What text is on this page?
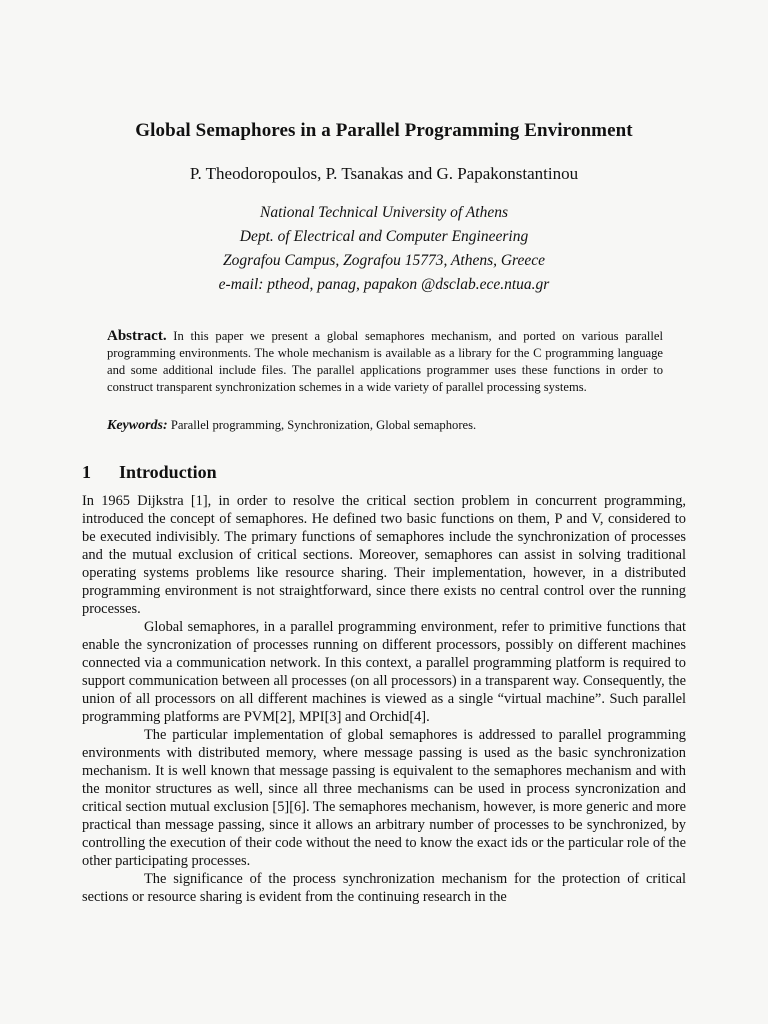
Global Semaphores in a Parallel Programming Environment
P. Theodoropoulos, P. Tsanakas and G. Papakonstantinou
National Technical University of Athens
Dept. of Electrical and Computer Engineering
Zografou Campus, Zografou 15773, Athens, Greece
e-mail: ptheod, panag, papakon @dsclab.ece.ntua.gr
Abstract. In this paper we present a global semaphores mechanism, and ported on various parallel programming environments. The whole mechanism is available as a library for the C programming language and some additional include files. The parallel applications programmer uses these functions in order to construct transparent synchronization schemes in a wide variety of parallel processing systems.
Keywords: Parallel programming, Synchronization, Global semaphores.
1 Introduction

In 1965 Dijkstra [1], in order to resolve the critical section problem in concurrent programming, introduced the concept of semaphores. He defined two basic functions on them, P and V, considered to be executed indivisibly. The primary functions of semaphores include the synchronization of processes and the mutual exclusion of critical sections. Moreover, semaphores can assist in solving traditional operating systems problems like resource sharing. Their implementation, however, in a distributed programming environment is not straightforward, since there exists no central control over the running processes.

Global semaphores, in a parallel programming environment, refer to primitive functions that enable the syncronization of processes running on different processors, possibly on different machines connected via a communication network. In this context, a parallel programming platform is required to support communication between all processes (on all processors) in a transparent way. Consequently, the union of all processors on all different machines is viewed as a single “virtual machine”. Such parallel programming platforms are PVM[2], MPI[3] and Orchid[4].

The particular implementation of global semaphores is addressed to parallel programming environments with distributed memory, where message passing is used as the basic synchronization mechanism. It is well known that message passing is equivalent to the semaphores mechanism and with the monitor structures as well, since all three mechanisms can be used in process syncronization and critical section mutual exclusion [5][6]. The semaphores mechanism, however, is more generic and more practical than message passing, since it allows an arbitrary number of processes to be synchronized, by controlling the execution of their code without the need to know the exact ids or the particular role of the other participating processes.

The significance of the process synchronization mechanism for the protection of critical sections or resource sharing is evident from the continuing research in the
